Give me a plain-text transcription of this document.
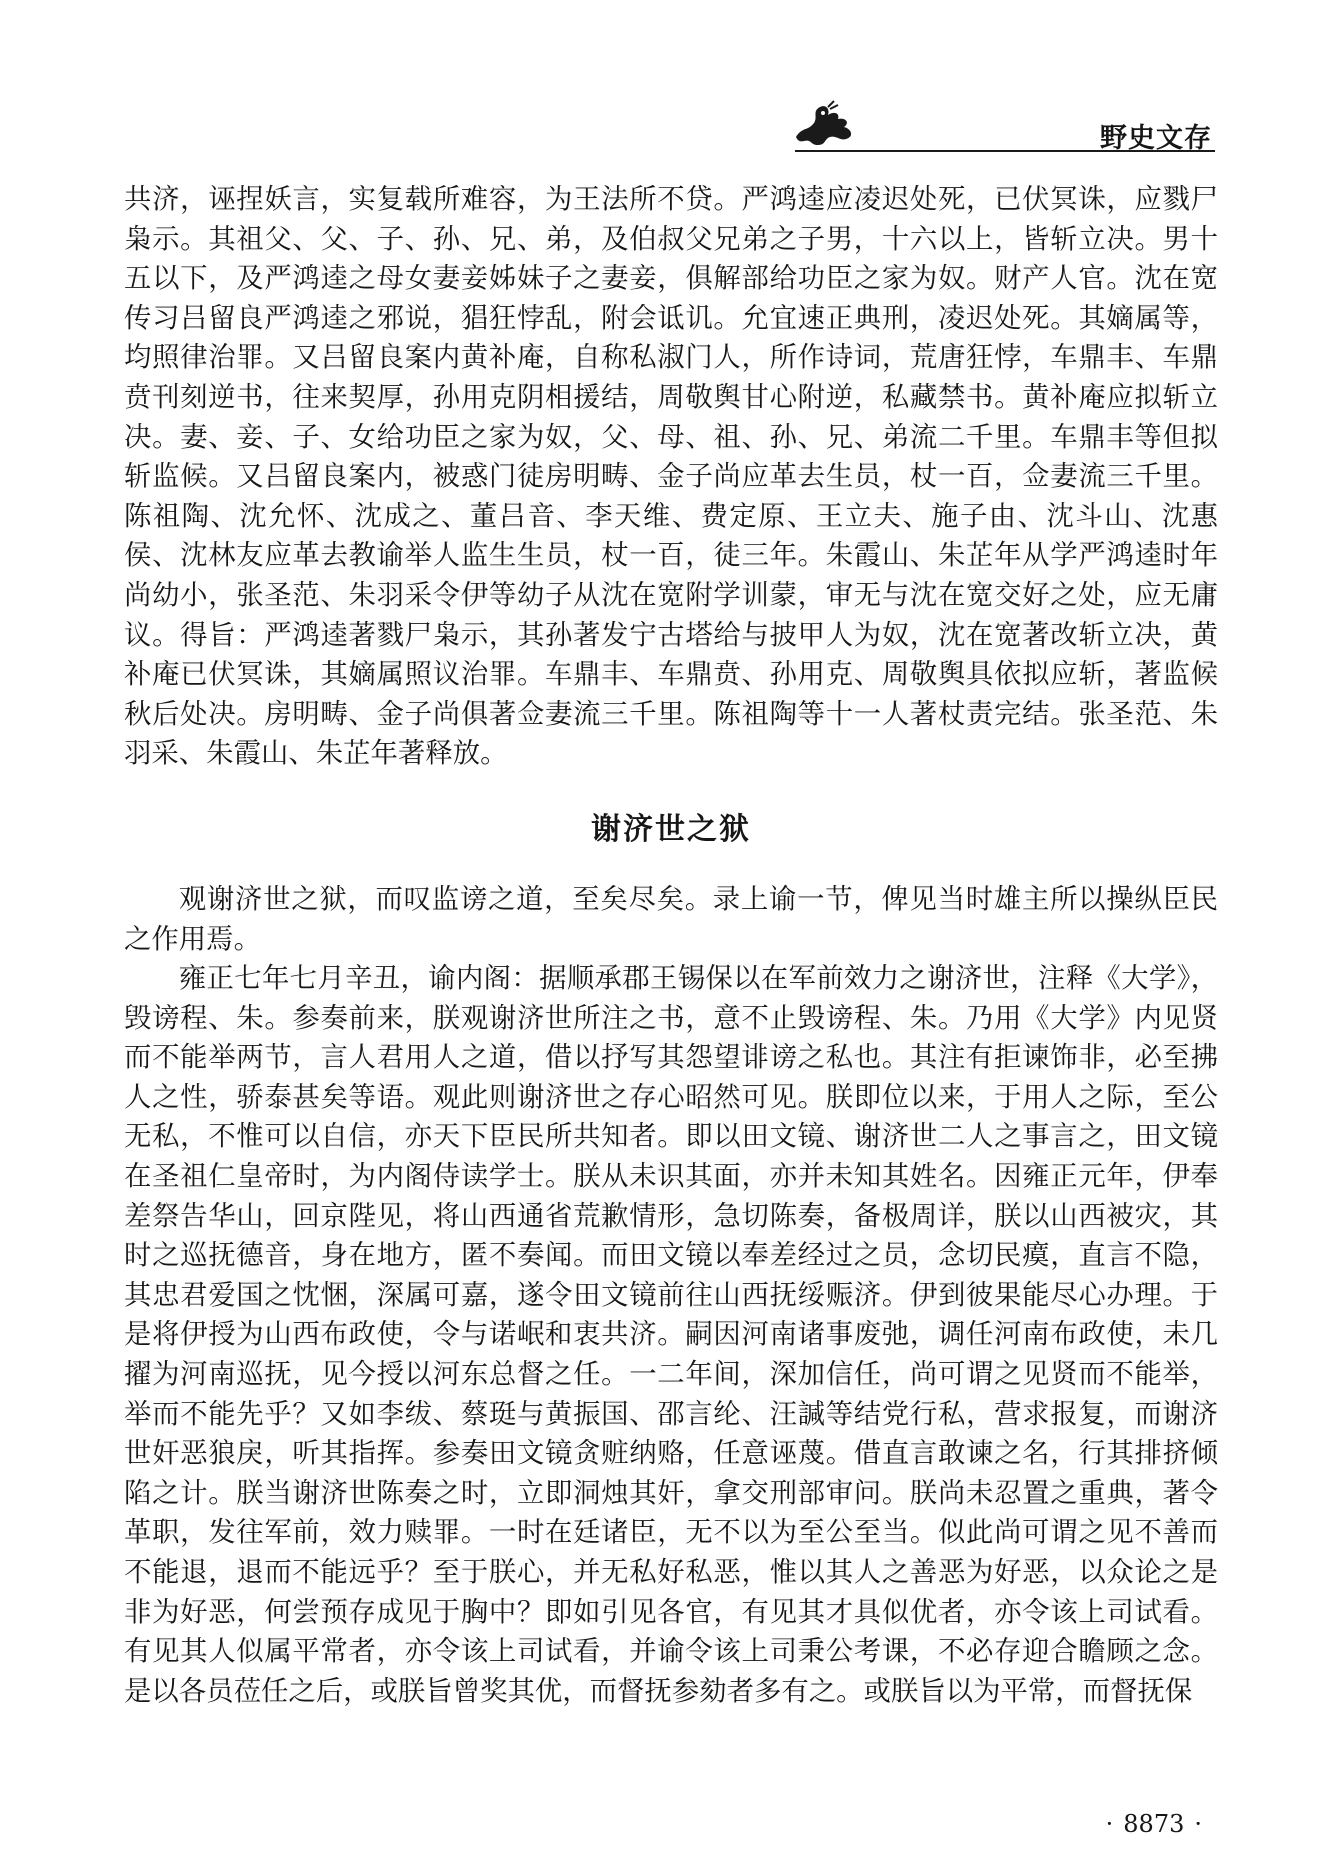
野史文存

共济，诬捏妖言，实复载所难容，为王法所不贷。严鸿逵应凌迟处死，已伏冥诛，应戮尸枭示。其祖父、父、子、孙、兄、弟，及伯叔父兄弟之子男，十六以上，皆斩立决。男十五以下，及严鸿逵之母女妻妾姊妹子之妻妾，俱解部给功臣之家为奴。财产人官。沈在宽传习吕留良严鸿逵之邪说，猖狂悖乱，附会诋讥。允宜速正典刑，凌迟处死。其嫡属等，均照律治罪。又吕留良案内黄补庵，自称私淑门人，所作诗词，荒唐狂悖，车鼎丰、车鼎贲刊刻逆书，往来契厚，孙用克阴相援结，周敬舆甘心附逆，私藏禁书。黄补庵应拟斩立决。妻、妾、子、女给功臣之家为奴，父、母、祖、孙、兄、弟流二千里。车鼎丰等但拟斩监候。又吕留良案内，被惑门徒房明畴、金子尚应革去生员，杖一百，佥妻流三千里。陈祖陶、沈允怀、沈成之、董吕音、李天维、费定原、王立夫、施子由、沈斗山、沈惠侯、沈林友应革去教谕举人监生生员，杖一百，徒三年。朱霞山、朱芷年从学严鸿逵时年尚幼小，张圣范、朱羽采令伊等幼子从沈在宽附学训蒙，审无与沈在宽交好之处，应无庸议。得旨：严鸿逵著戮尸枭示，其孙著发宁古塔给与披甲人为奴，沈在宽著改斩立决，黄补庵已伏冥诛，其嫡属照议治罪。车鼎丰、车鼎贲、孙用克、周敬舆具依拟应斩，著监候秋后处决。房明畴、金子尚俱著佥妻流三千里。陈祖陶等十一人著杖责完结。张圣范、朱羽采、朱霞山、朱芷年著释放。

谢济世之狱

观谢济世之狱，而叹监谤之道，至矣尽矣。录上谕一节，俾见当时雄主所以操纵臣民之作用焉。

雍正七年七月辛丑，谕内阁：据顺承郡王锡保以在军前效力之谢济世，注释《大学》，毁谤程、朱。参奏前来，朕观谢济世所注之书，意不止毁谤程、朱。乃用《大学》内见贤而不能举两节，言人君用人之道，借以抒写其怨望诽谤之私也。其注有拒谏饰非，必至拂人之性，骄泰甚矣等语。观此则谢济世之存心昭然可见。朕即位以来，于用人之际，至公无私，不惟可以自信，亦天下臣民所共知者。即以田文镜、谢济世二人之事言之，田文镜在圣祖仁皇帝时，为内阁侍读学士。朕从未识其面，亦并未知其姓名。因雍正元年，伊奉差祭告华山，回京陛见，将山西通省荒歉情形，急切陈奏，备极周详，朕以山西被灾，其时之巡抚德音，身在地方，匿不奏闻。而田文镜以奉差经过之员，念切民瘼，直言不隐，其忠君爱国之忱悃，深属可嘉，遂令田文镜前往山西抚绥赈济。伊到彼果能尽心办理。于是将伊授为山西布政使，令与诺岷和衷共济。嗣因河南诸事废弛，调任河南布政使，未几擢为河南巡抚，见今授以河东总督之任。一二年间，深加信任，尚可谓之见贤而不能举，举而不能先乎？又如李绂、蔡珽与黄振国、邵言纶、汪諴等结党行私，营求报复，而谢济世奸恶狼戾，听其指挥。参奏田文镜贪赃纳赂，任意诬蔑。借直言敢谏之名，行其排挤倾陷之计。朕当谢济世陈奏之时，立即洞烛其奸，拿交刑部审问。朕尚未忍置之重典，著令革职，发往军前，效力赎罪。一时在廷诸臣，无不以为至公至当。似此尚可谓之见不善而不能退，退而不能远乎？至于朕心，并无私好私恶，惟以其人之善恶为好恶，以众论之是非为好恶，何尝预存成见于胸中？即如引见各官，有见其才具似优者，亦令该上司试看。有见其人似属平常者，亦令该上司试看，并谕令该上司秉公考课，不必存迎合瞻顾之念。是以各员莅任之后，或朕旨曾奖其优，而督抚参劾者多有之。或朕旨以为平常，而督抚保

· 8873 ·
